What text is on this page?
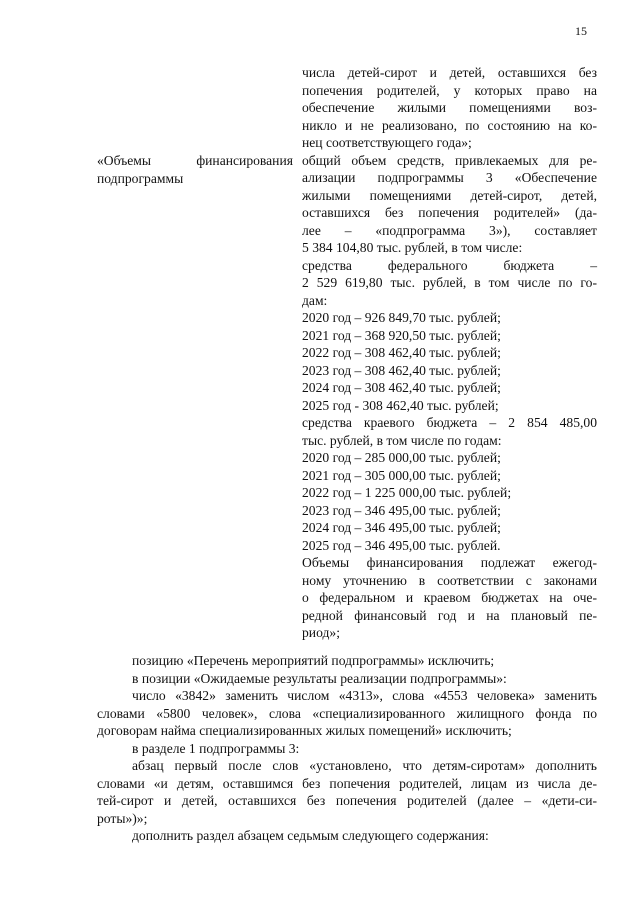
15
«Объемы финансирования подпрограммы
числа детей-сирот и детей, оставшихся без
попечения родителей, у которых право на
обеспечение жилыми помещениями воз-
никло и не реализовано, по состоянию на ко-
нец соответствующего года»;
общий объем средств, привлекаемых для ре-
ализации подпрограммы 3 «Обеспечение
жилыми помещениями детей-сирот, детей,
оставшихся без попечения родителей» (да-
лее – «подпрограмма 3»), составляет
5 384 104,80 тыс. рублей, в том числе:
средства федерального бюджета –
2 529 619,80 тыс. рублей, в том числе по го-
дам:
2020 год – 926 849,70 тыс. рублей;
2021 год – 368 920,50 тыс. рублей;
2022 год – 308 462,40 тыс. рублей;
2023 год – 308 462,40 тыс. рублей;
2024 год – 308 462,40 тыс. рублей;
2025 год - 308 462,40 тыс. рублей;
средства краевого бюджета – 2 854 485,00
тыс. рублей, в том числе по годам:
2020 год – 285 000,00 тыс. рублей;
2021 год – 305 000,00 тыс. рублей;
2022 год – 1 225 000,00 тыс. рублей;
2023 год – 346 495,00 тыс. рублей;
2024 год – 346 495,00 тыс. рублей;
2025 год – 346 495,00 тыс. рублей.
Объемы финансирования подлежат ежегод-
ному уточнению в соответствии с законами
о федеральном и краевом бюджетах на оче-
редной финансовый год и на плановый пе-
риод»;
позицию «Перечень мероприятий подпрограммы» исключить;
в позиции «Ожидаемые результаты реализации подпрограммы»:
число «3842» заменить числом «4313», слова «4553 человека» заменить
словами «5800 человек», слова «специализированного жилищного фонда по
договорам найма специализированных жилых помещений» исключить;
в разделе 1 подпрограммы 3:
абзац первый после слов «установлено, что детям-сиротам» дополнить
словами «и детям, оставшимся без попечения родителей, лицам из числа де-
тей-сирот и детей, оставшихся без попечения родителей (далее – «дети-си-
роты»)»;
дополнить раздел абзацем седьмым следующего содержания:
